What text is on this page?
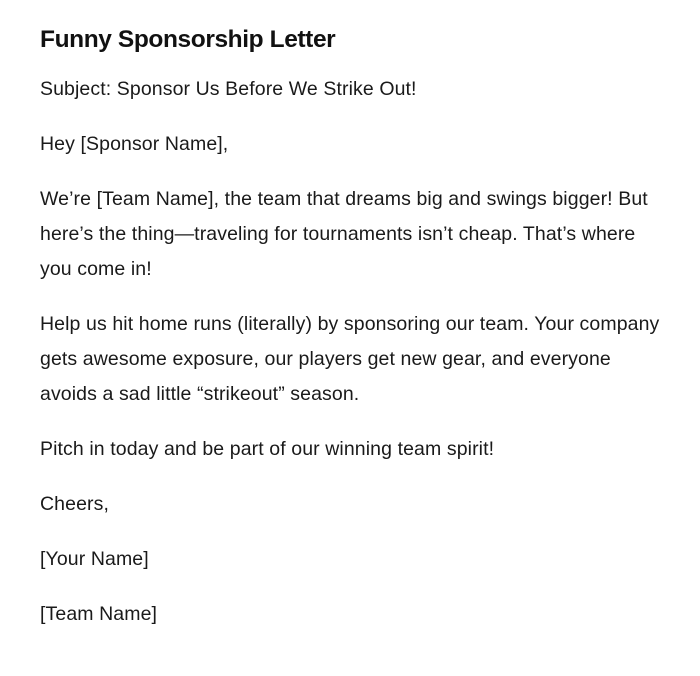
Funny Sponsorship Letter

Subject: Sponsor Us Before We Strike Out!

Hey [Sponsor Name],

We’re [Team Name], the team that dreams big and swings bigger! But here’s the thing—traveling for tournaments isn’t cheap. That’s where you come in!

Help us hit home runs (literally) by sponsoring our team. Your company gets awesome exposure, our players get new gear, and everyone avoids a sad little “strikeout” season.

Pitch in today and be part of our winning team spirit!

Cheers,

[Your Name]

[Team Name]
